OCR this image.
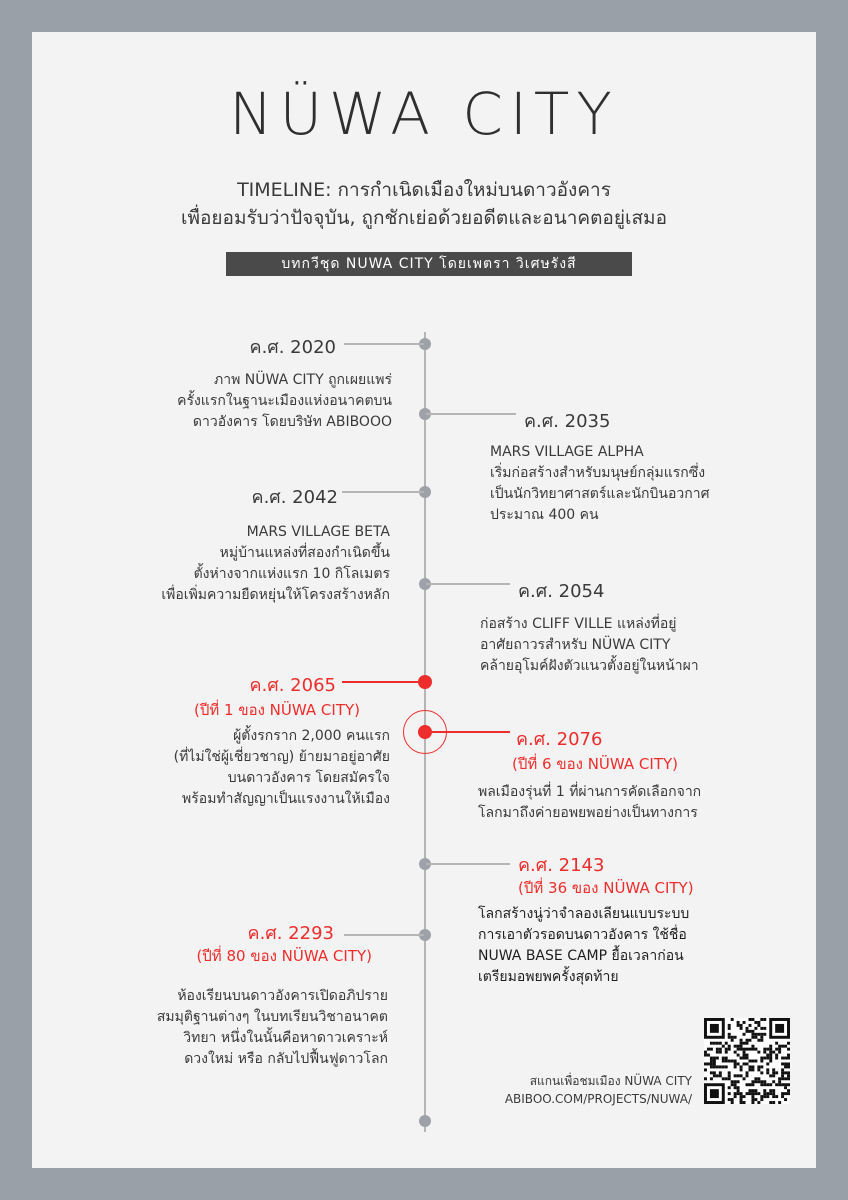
NÜWA CITY
TIMELINE: การกำเนิดเมืองใหม่บนดาวอังคาร
เพื่อยอมรับว่าปัจจุบัน, ถูกชักเย่อด้วยอดีตและอนาคตอยู่เสมอ
บทกวีชุด NUWA CITY โดยเพตรา วิเศษรังสี
ค.ศ. 2020
ภาพ NÜWA CITY ถูกเผยแพร่
ครั้งแรกในฐานะเมืองแห่งอนาคตบน
ดาวอังคาร โดยบริษัท ABIBOOO	ค.ศ. 2035
MARS VILLAGE ALPHA
เริ่มก่อสร้างสำหรับมนุษย์กลุ่มแรกซึ่ง
เป็นนักวิทยาศาสตร์และนักบินอวกาศ
ประมาณ 400 คน
ค.ศ. 2042
MARS VILLAGE BETA
หมู่บ้านแหล่งที่สองกำเนิดขึ้น
ตั้งห่างจากแห่งแรก 10 กิโลเมตร
เพื่อเพิ่มความยืดหยุ่นให้โครงสร้างหลัก	ค.ศ. 2054
ก่อสร้าง CLIFF VILLE แหล่งที่อยู่
อาศัยถาวรสำหรับ NÜWA CITY
คล้ายอุโมค์ฝังตัวแนวตั้งอยู่ในหน้าผา
ค.ศ. 2065
(ปีที่ 1 ของ NÜWA CITY)
ผู้ตั้งรกราก 2,000 คนแรก
(ที่ไม่ใช่ผู้เชี่ยวชาญ) ย้ายมาอยู่อาศัย
บนดาวอังคาร โดยสมัครใจ
พร้อมทำสัญญาเป็นแรงงานให้เมือง
ค.ศ. 2076
(ปีที่ 6 ของ NÜWA CITY)
พลเมืองรุ่นที่ 1 ที่ผ่านการคัดเลือกจาก
โลกมาถึงค่ายอพยพอย่างเป็นทางการ
ค.ศ. 2143
(ปีที่ 36 ของ NÜWA CITY)
โลกสร้างนู่ว่าจำลองเลียนแบบระบบ
การเอาตัวรอดบนดาวอังคาร ใช้ชื่อ
NUWA BASE CAMP ยื้อเวลาก่อน
เตรียมอพยพครั้งสุดท้าย
ค.ศ. 2293
(ปีที่ 80 ของ NÜWA CITY)
ห้องเรียนบนดาวอังคารเปิดอภิปราย
สมมุติฐานต่างๆ ในบทเรียนวิชาอนาคต
วิทยา หนึ่งในนั้นคือหาดาวเคราะห์
ดวงใหม่ หรือ กลับไปฟื้นฟูดาวโลก
สแกนเพื่อชมเมือง NÜWA CITY
ABIBOO.COM/PROJECTS/NUWA/
